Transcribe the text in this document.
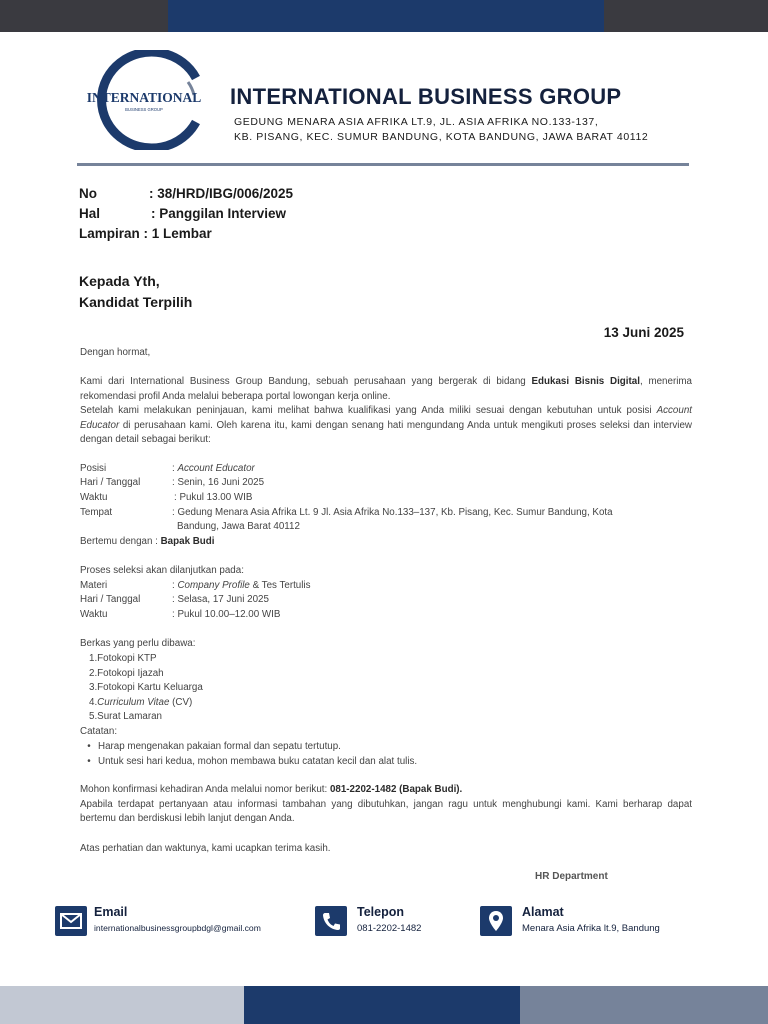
INTERNATIONAL
BUSINESS GROUP
INTERNATIONAL BUSINESS GROUP
GEDUNG MENARA ASIA AFRIKA LT.9, JL. ASIA AFRIKA NO.133-137,
KB. PISANG, KEC. SUMUR BANDUNG, KOTA BANDUNG, JAWA BARAT 40112
No	: 38/HRD/IBG/006/2025
Hal	: Panggilan Interview
Lampiran : 1 Lembar
Kepada Yth,
Kandidat Terpilih
13 Juni 2025
Dengan hormat,
Kami dari International Business Group Bandung, sebuah perusahaan yang bergerak di bidang Edukasi Bisnis Digital, menerima rekomendasi profil Anda melalui beberapa portal lowongan kerja online.
Setelah kami melakukan peninjauan, kami melihat bahwa kualifikasi yang Anda miliki sesuai dengan kebutuhan untuk posisi Account Educator di perusahaan kami. Oleh karena itu, kami dengan senang hati mengundang Anda untuk mengikuti proses seleksi dan interview dengan detail sebagai berikut:
Posisi	: Account Educator
Hari / Tanggal	: Senin, 16 Juni 2025
Waktu	: Pukul 13.00 WIB
Tempat	: Gedung Menara Asia Afrika Lt. 9 Jl. Asia Afrika No.133–137, Kb. Pisang, Kec. Sumur Bandung, Kota
Bandung, Jawa Barat 40112
Bertemu dengan : Bapak Budi
Proses seleksi akan dilanjutkan pada:
Materi	: Company Profile & Tes Tertulis
Hari / Tanggal	: Selasa, 17 Juni 2025
Waktu	: Pukul 10.00–12.00 WIB
Berkas yang perlu dibawa:
1.Fotokopi KTP
2.Fotokopi Ijazah
3.Fotokopi Kartu Keluarga
4.Curriculum Vitae (CV)
5.Surat Lamaran
Catatan:
• Harap mengenakan pakaian formal dan sepatu tertutup.
• Untuk sesi hari kedua, mohon membawa buku catatan kecil dan alat tulis.
Mohon konfirmasi kehadiran Anda melalui nomor berikut: 081-2202-1482 (Bapak Budi).
Apabila terdapat pertanyaan atau informasi tambahan yang dibutuhkan, jangan ragu untuk menghubungi kami. Kami berharap dapat bertemu dan berdiskusi lebih lanjut dengan Anda.
Atas perhatian dan waktunya, kami ucapkan terima kasih.
HR Department
Email
internationalbusinessgroupbdgl@gmail.com
Telepon
081-2202-1482
Alamat
Menara Asia Afrika lt.9, Bandung
